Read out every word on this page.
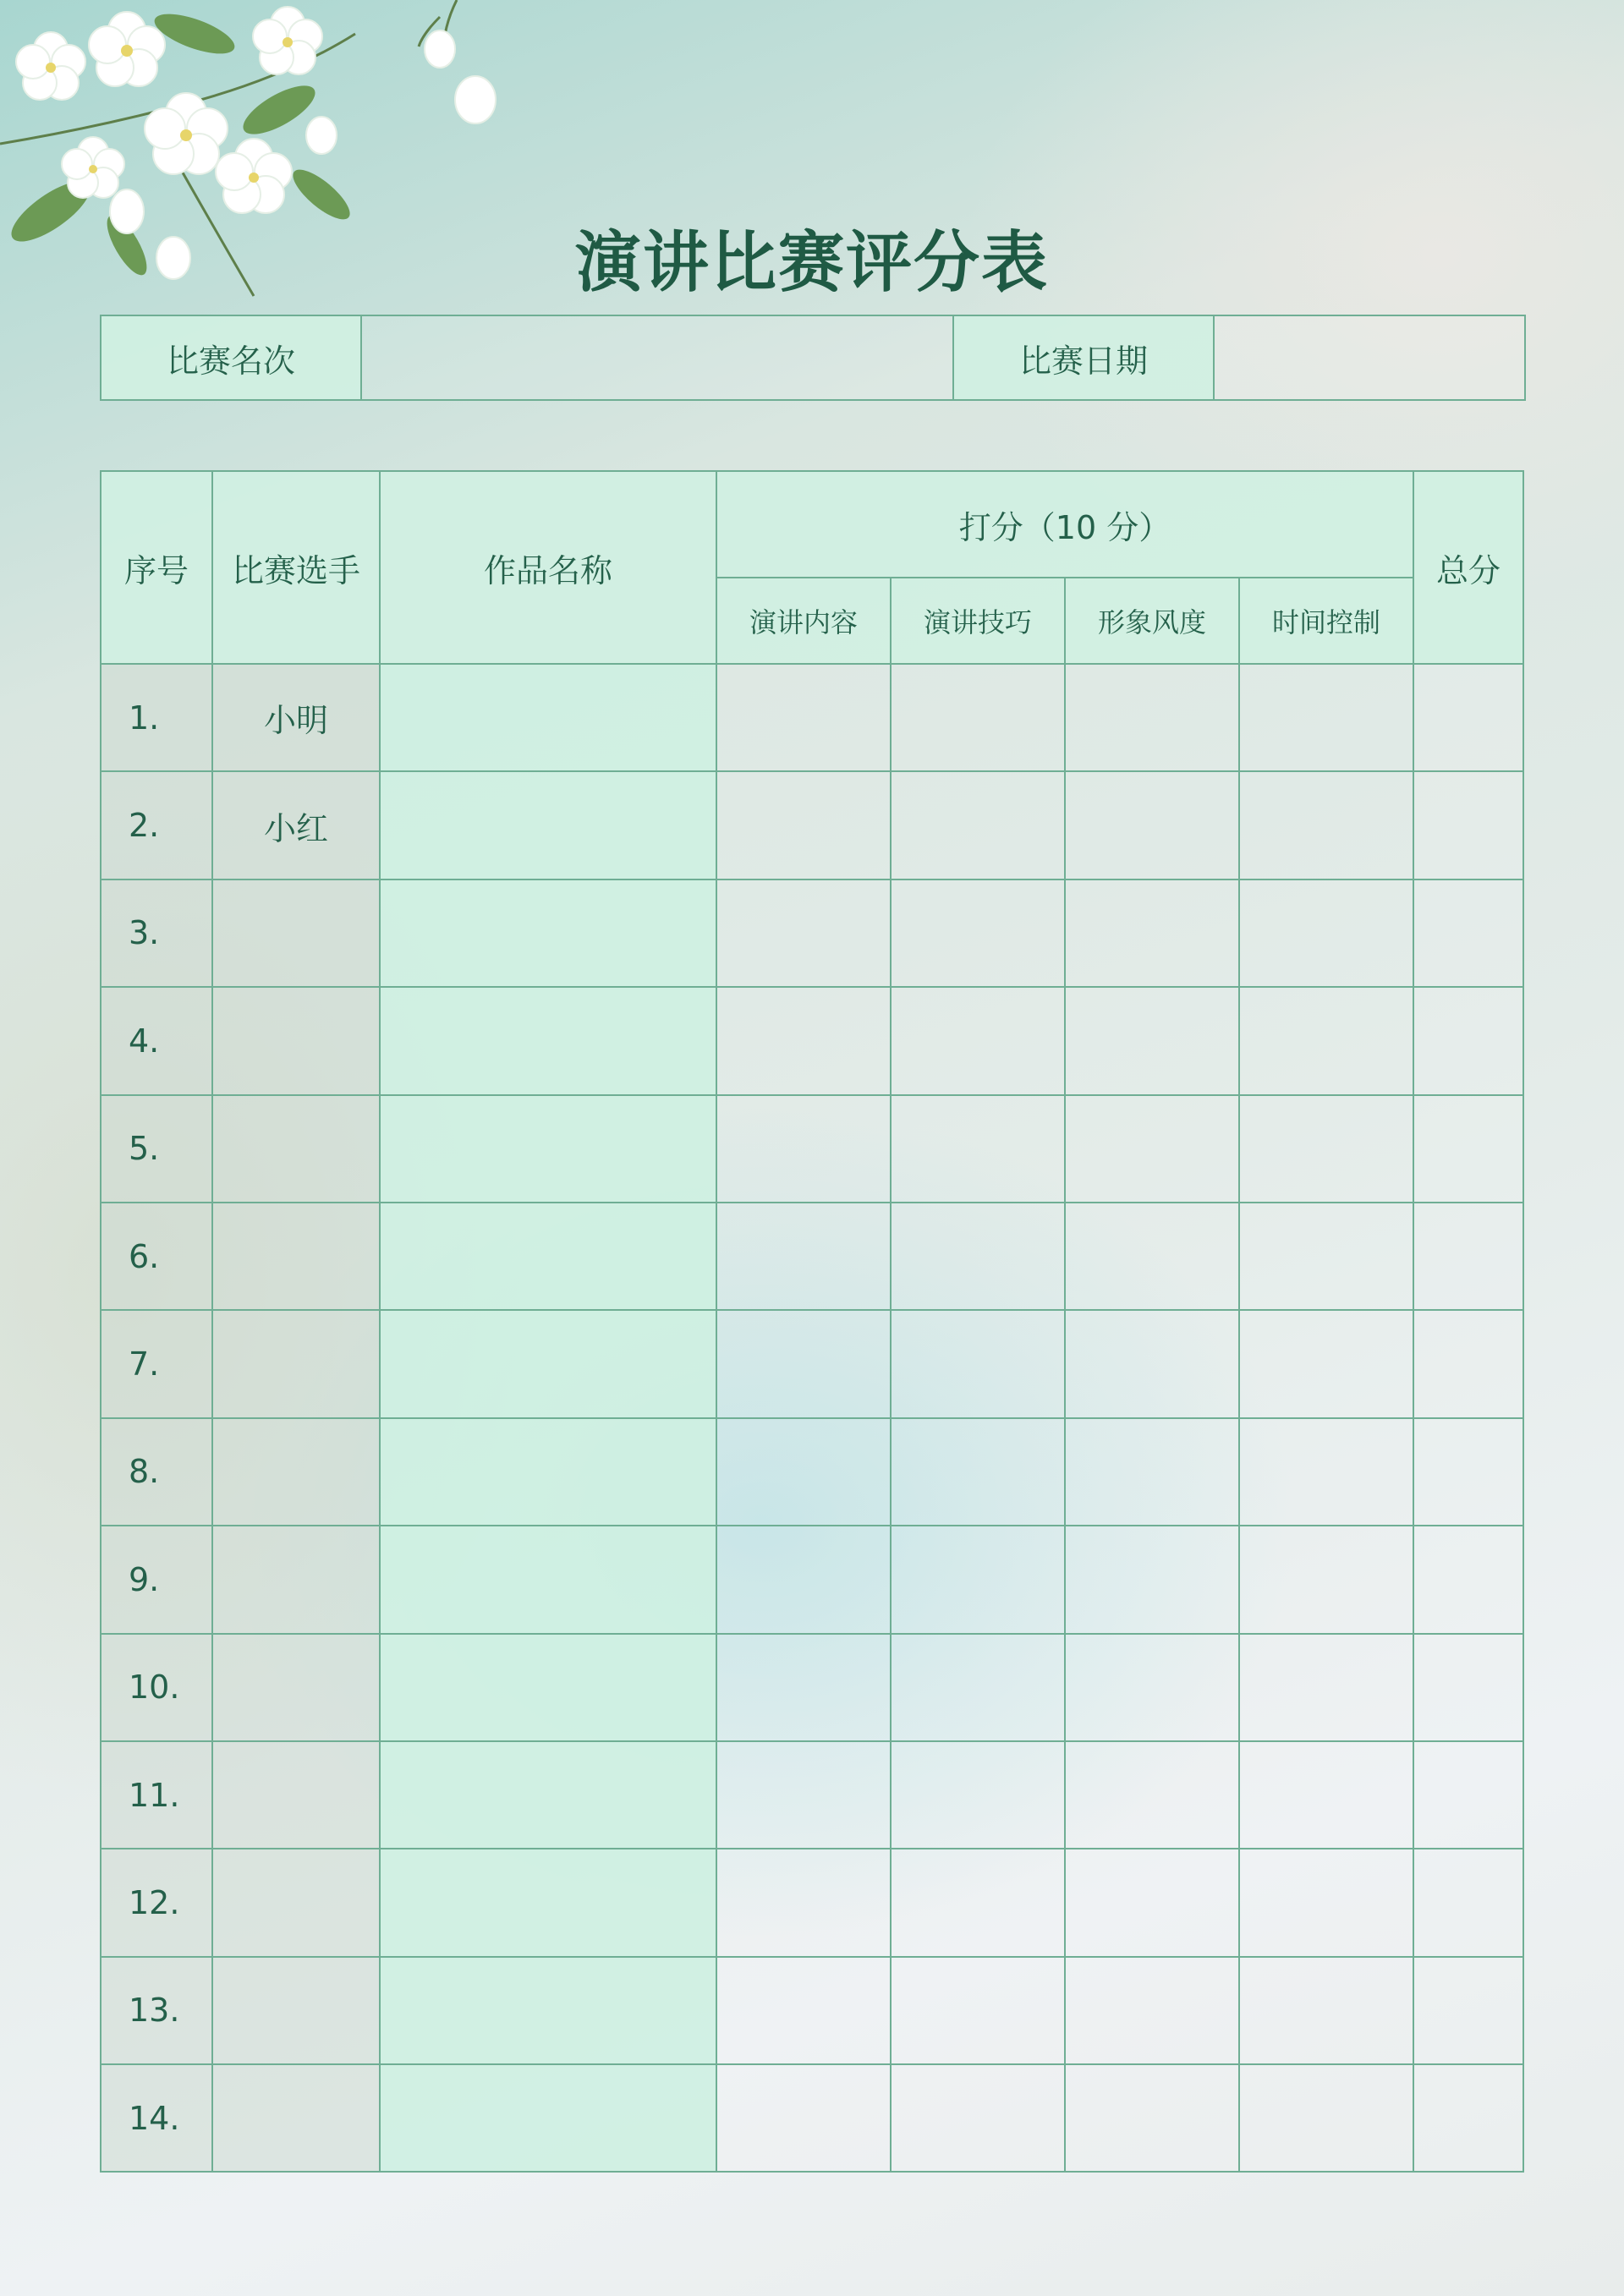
演讲比赛评分表
比赛名次		比赛日期	
序号	比赛选手	作品名称	打分（10 分）				总分
			演讲内容	演讲技巧	形象风度	时间控制	
1.	小明						
2.	小红						
3.							
4.							
5.							
6.							
7.							
8.							
9.							
10.							
11.							
12.							
13.							
14.							
